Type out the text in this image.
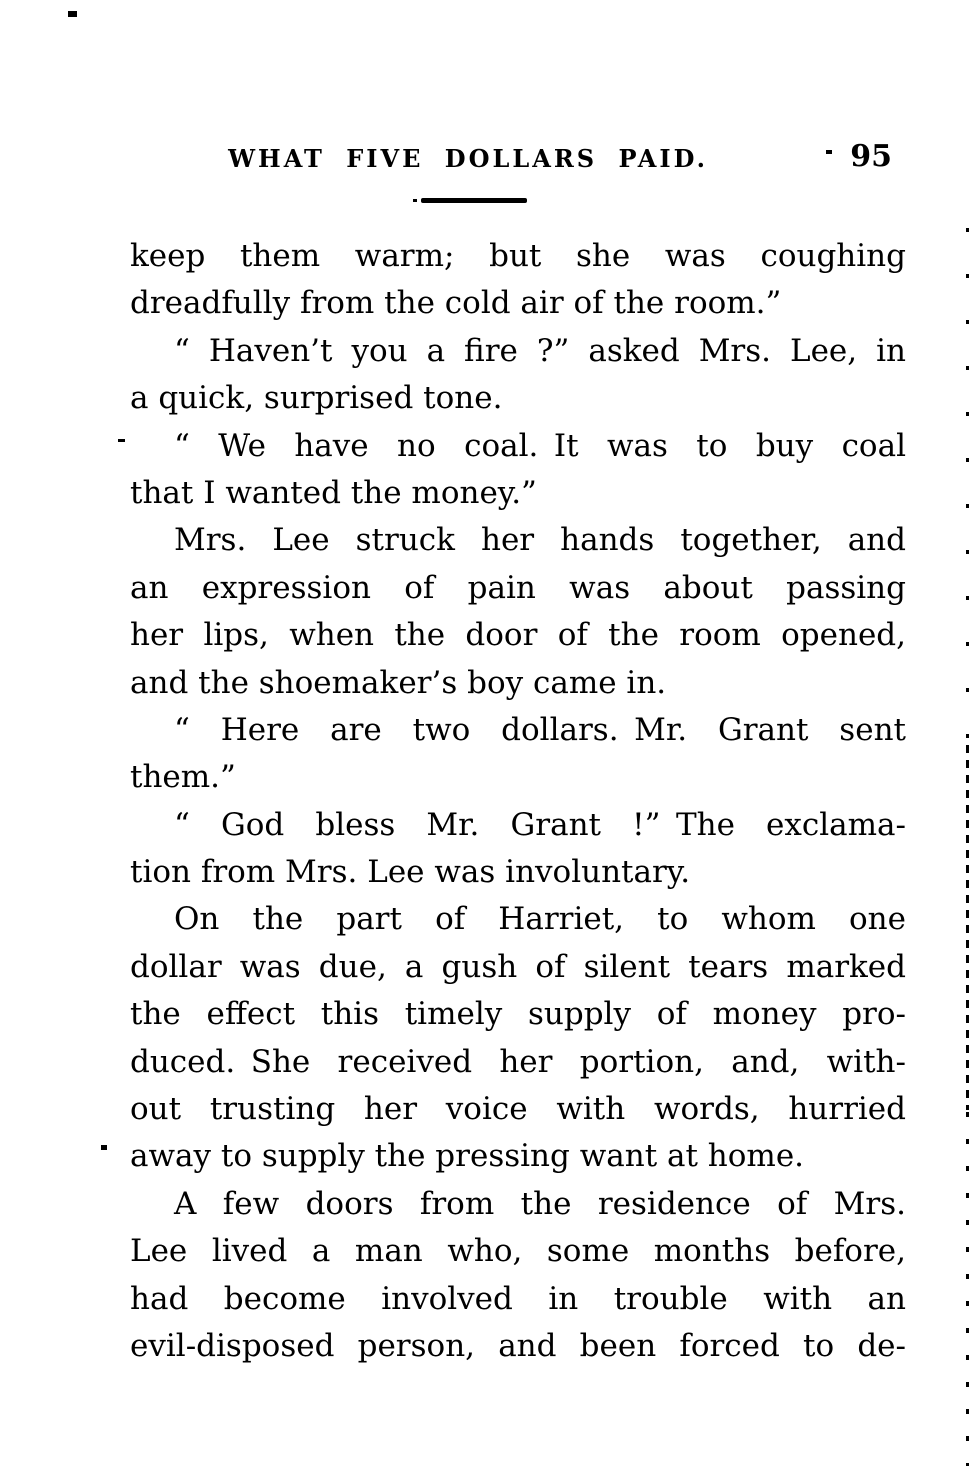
WHAT FIVE DOLLARS PAID.	95
keep them warm; but she was coughing
dreadfully from the cold air of the room.”
“ Haven’t you a fire ?” asked Mrs. Lee, in
a quick, surprised tone.
“ We have no coal. It was to buy coal
that I wanted the money.”
Mrs. Lee struck her hands together, and
an expression of pain was about passing
her lips, when the door of the room opened,
and the shoemaker’s boy came in.
“ Here are two dollars. Mr. Grant sent
them.”
“ God bless Mr. Grant !” The exclama-
tion from Mrs. Lee was involuntary.
On the part of Harriet, to whom one
dollar was due, a gush of silent tears marked
the effect this timely supply of money pro-
duced. She received her portion, and, with-
out trusting her voice with words, hurried
away to supply the pressing want at home.
A few doors from the residence of Mrs.
Lee lived a man who, some months before,
had become involved in trouble with an
evil-disposed person, and been forced to de-
